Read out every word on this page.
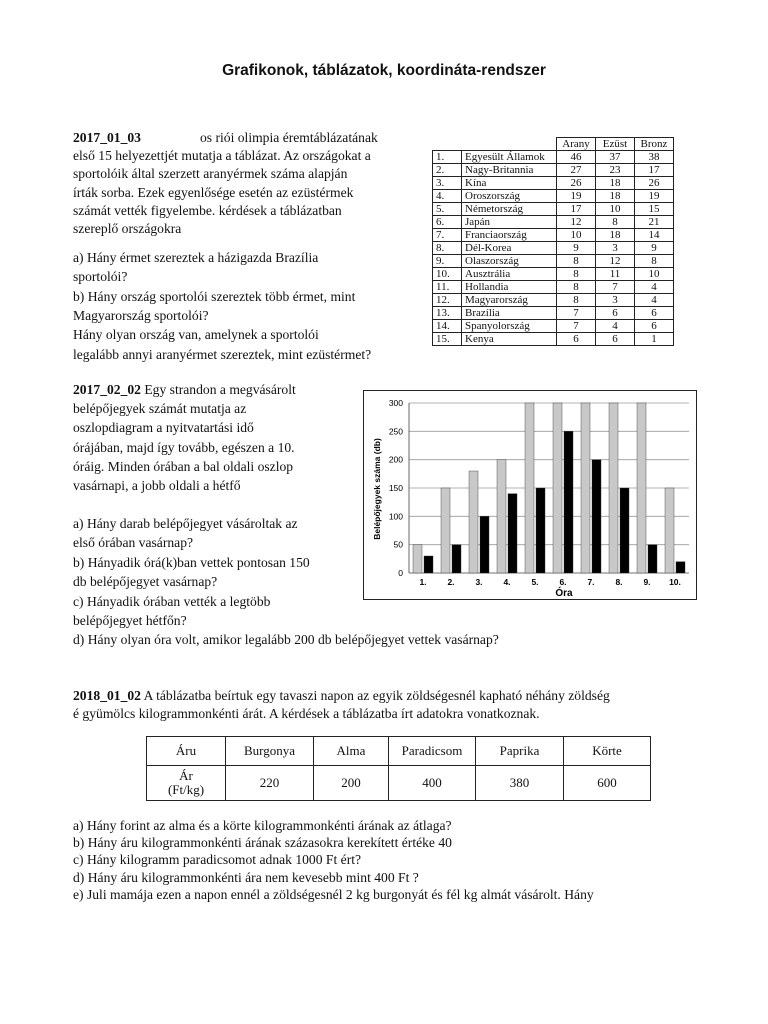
Grafikonok, táblázatok, koordináta-rendszer
2017_01_03	os riói olimpia éremtáblázatának
első 15 helyezettjét mutatja a táblázat. Az országokat a
sportolóik által szerzett aranyérmek száma alapján
írták sorba. Ezek egyenlősége esetén az ezüstérmek
számát vették figyelembe. kérdések a táblázatban
szereplő országokra
a) Hány érmet szereztek a házigazda Brazília
sportolói?
b) Hány ország sportolói szereztek több érmet, mint
Magyarország sportolói?
Hány olyan ország van, amelynek a sportolói
legalább annyi aranyérmet szereztek, mint ezüstérmet?
		Arany	Ezüst	Bronz
1.	Egyesült Államok	46	37	38
2.	Nagy-Britannia	27	23	17
3.	Kína	26	18	26
4.	Oroszország	19	18	19
5.	Németország	17	10	15
6.	Japán	12	8	21
7.	Franciaország	10	18	14
8.	Dél-Korea	9	3	9
9.	Olaszország	8	12	8
10.	Ausztrália	8	11	10
11.	Hollandia	8	7	4
12.	Magyarország	8	3	4
13.	Brazília	7	6	6
14.	Spanyolország	7	4	6
15.	Kenya	6	6	1
2017_02_02 Egy strandon a megvásárolt
belépőjegyek számát mutatja az
oszlopdiagram a nyitvatartási idő
órájában, majd így tovább, egészen a 10.
óráig. Minden órában a bal oldali oszlop
vasárnapi, a jobb oldali a hétfő
a) Hány darab belépőjegyet vásároltak az
első órában vasárnap?
b) Hányadik órá(k)ban vettek pontosan 150
db belépőjegyet vasárnap?
c) Hányadik órában vették a legtöbb
belépőjegyet hétfőn?
d) Hány olyan óra volt, amikor legalább 200 db belépőjegyet vettek vasárnap?
0
50
100
150
200
250
300
1. 2. 3. 4. 5. 6. 7. 8. 9. 10.
Óra
Belépőjegyek száma (db)
2018_01_02 A táblázatba beírtuk egy tavaszi napon az egyik zöldségesnél kapható néhány zöldség
é gyümölcs kilogrammonkénti árát. A kérdések a táblázatba írt adatokra vonatkoznak.
Áru	Burgonya	Alma	Paradicsom	Paprika	Körte
Ár
(Ft/kg)	220	200	400	380	600
a) Hány forint az alma és a körte kilogrammonkénti árának az átlaga?
b) Hány áru kilogrammonkénti árának százasokra kerekített értéke 40
c) Hány kilogramm paradicsomot adnak 1000 Ft ért?
d) Hány áru kilogrammonkénti ára nem kevesebb mint 400 Ft ?
e) Juli mamája ezen a napon ennél a zöldségesnél 2 kg burgonyát és fél kg almát vásárolt. Hány
